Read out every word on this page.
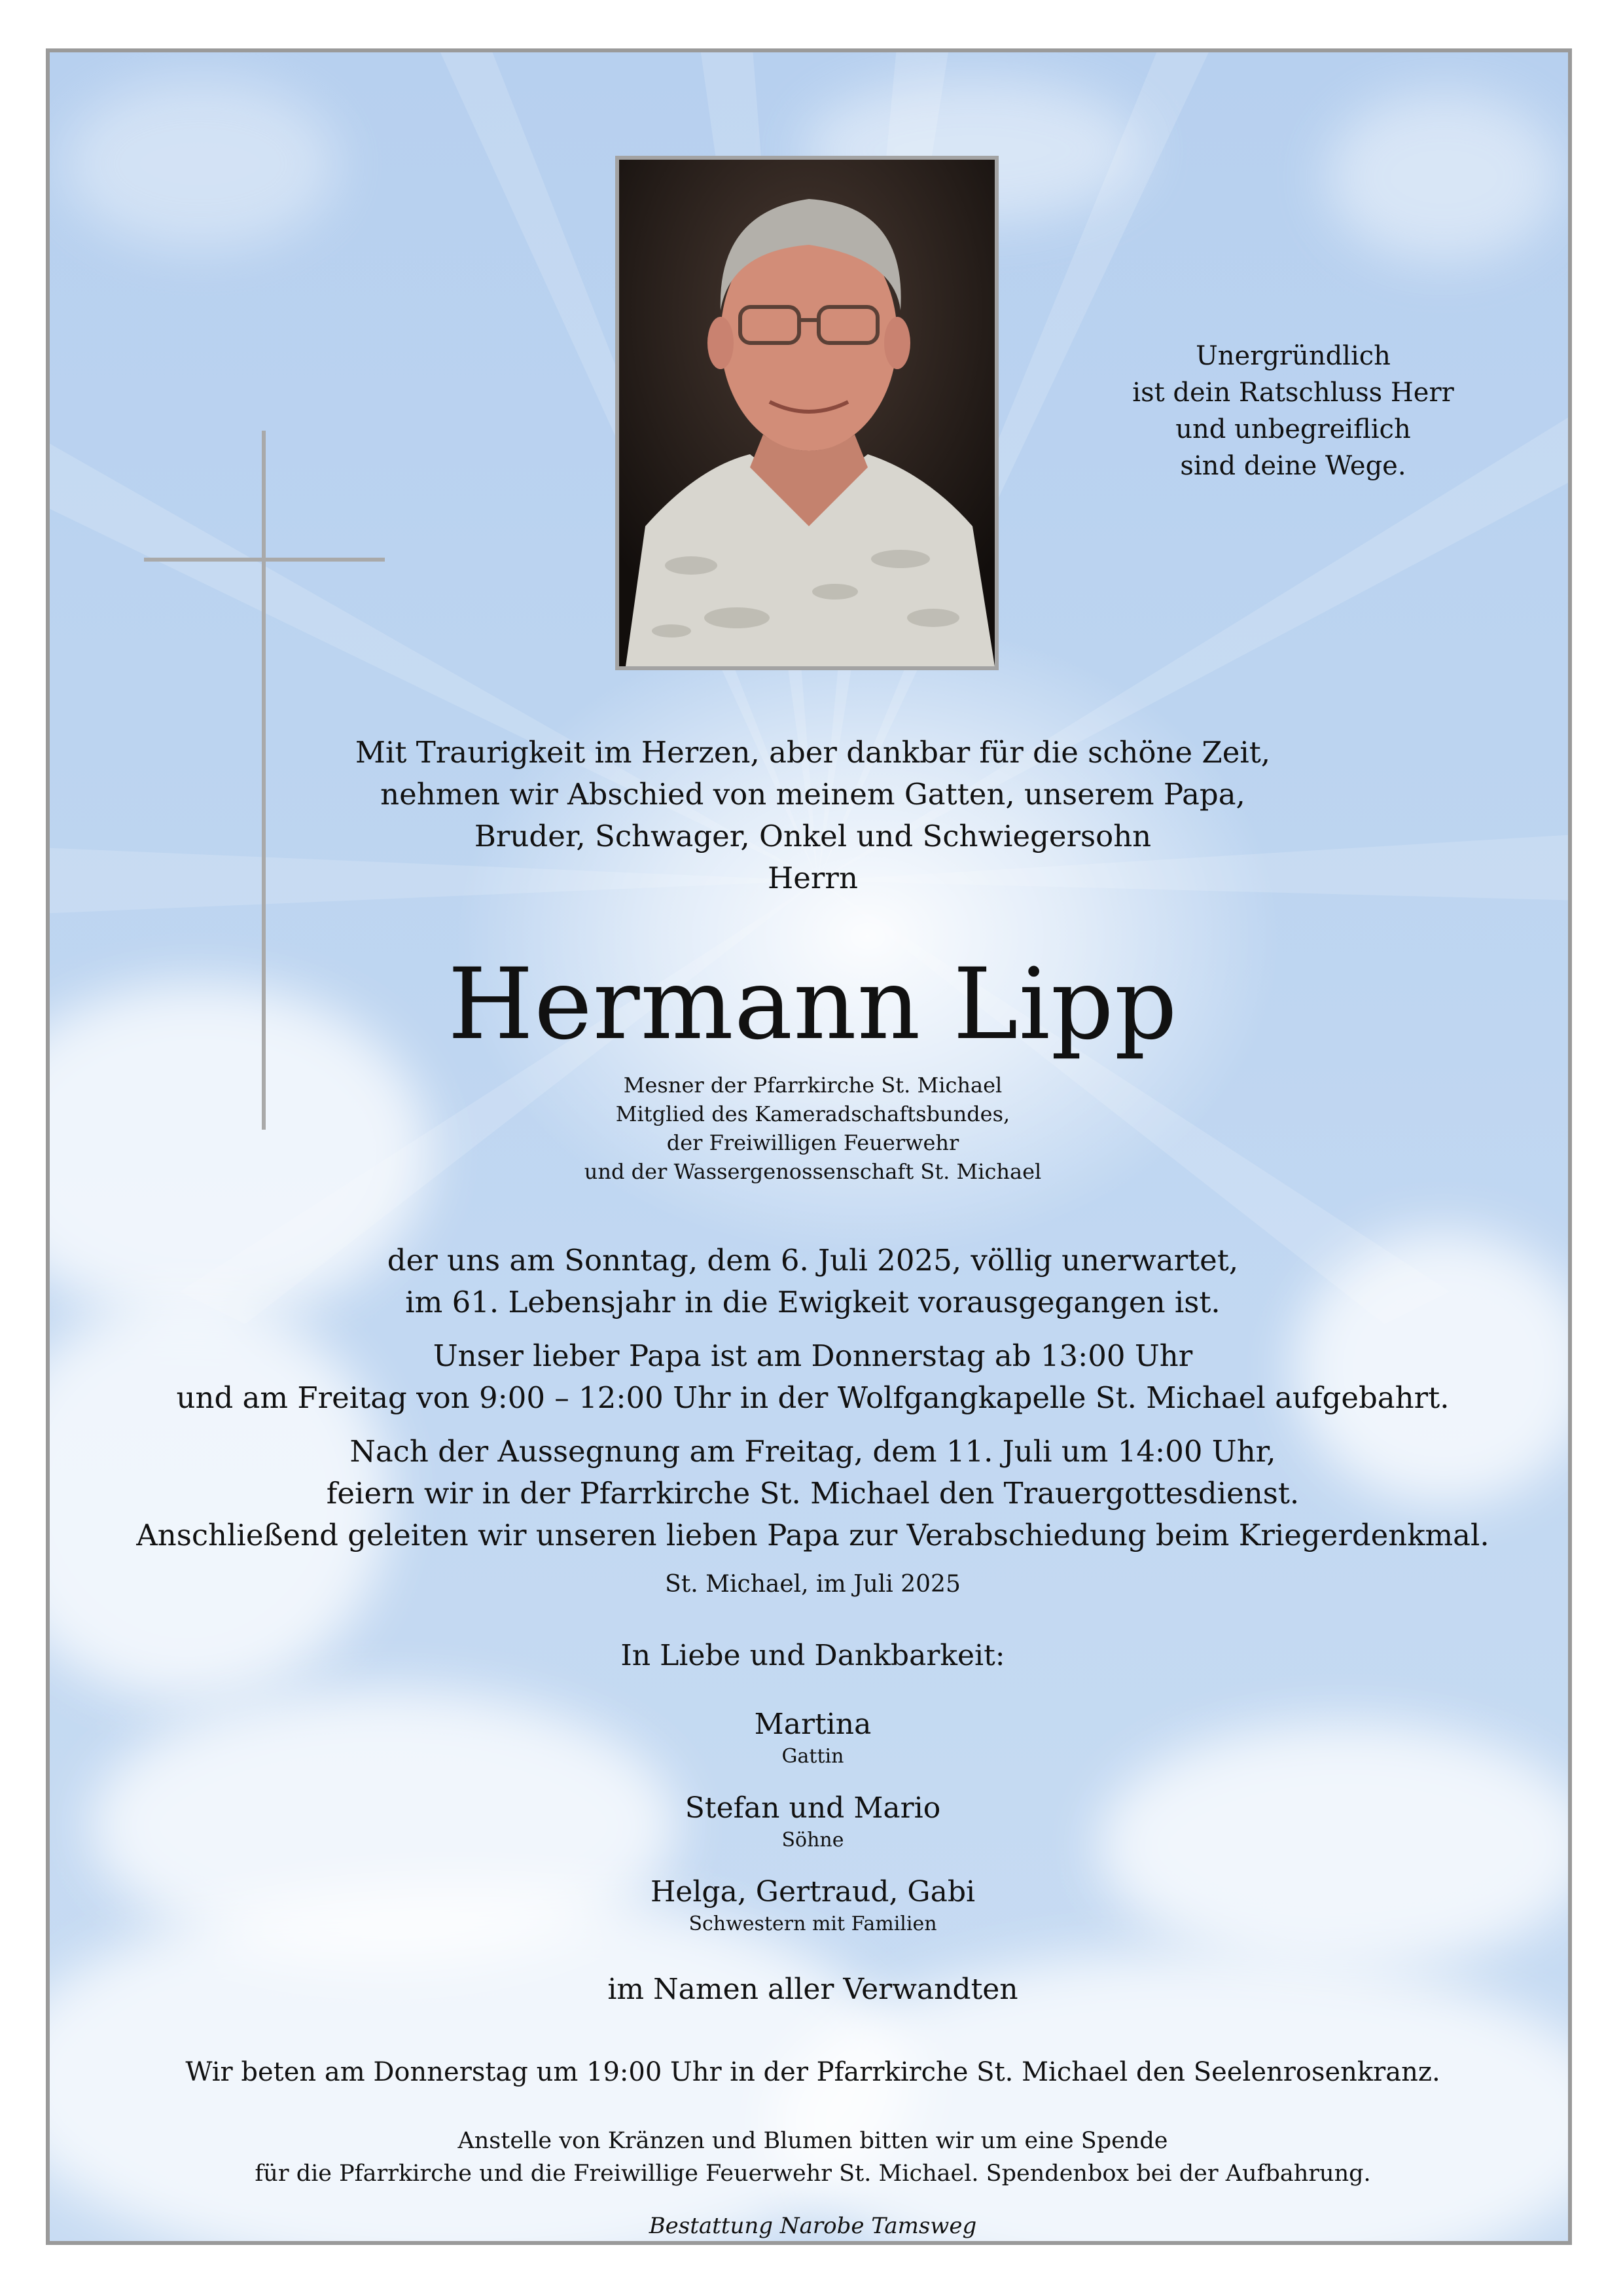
Unergründlich
ist dein Ratschluss Herr
und unbegreiflich
sind deine Wege.
Mit Traurigkeit im Herzen, aber dankbar für die schöne Zeit,
nehmen wir Abschied von meinem Gatten, unserem Papa,
Bruder, Schwager, Onkel und Schwiegersohn
Herrn
Hermann Lipp
Mesner der Pfarrkirche St. Michael
Mitglied des Kameradschaftsbundes,
der Freiwilligen Feuerwehr
und der Wassergenossenschaft St. Michael
der uns am Sonntag, dem 6. Juli 2025, völlig unerwartet,
im 61. Lebensjahr in die Ewigkeit vorausgegangen ist.
Unser lieber Papa ist am Donnerstag ab 13:00 Uhr
und am Freitag von 9:00 – 12:00 Uhr in der Wolfgangkapelle St. Michael aufgebahrt.
Nach der Aussegnung am Freitag, dem 11. Juli um 14:00 Uhr,
feiern wir in der Pfarrkirche St. Michael den Trauergottesdienst.
Anschließend geleiten wir unseren lieben Papa zur Verabschiedung beim Kriegerdenkmal.
St. Michael, im Juli 2025
In Liebe und Dankbarkeit:
Martina
Gattin
Stefan und Mario
Söhne
Helga, Gertraud, Gabi
Schwestern mit Familien
im Namen aller Verwandten
Wir beten am Donnerstag um 19:00 Uhr in der Pfarrkirche St. Michael den Seelenrosenkranz.
Anstelle von Kränzen und Blumen bitten wir um eine Spende
für die Pfarrkirche und die Freiwillige Feuerwehr St. Michael. Spendenbox bei der Aufbahrung.
Bestattung Narobe Tamsweg
